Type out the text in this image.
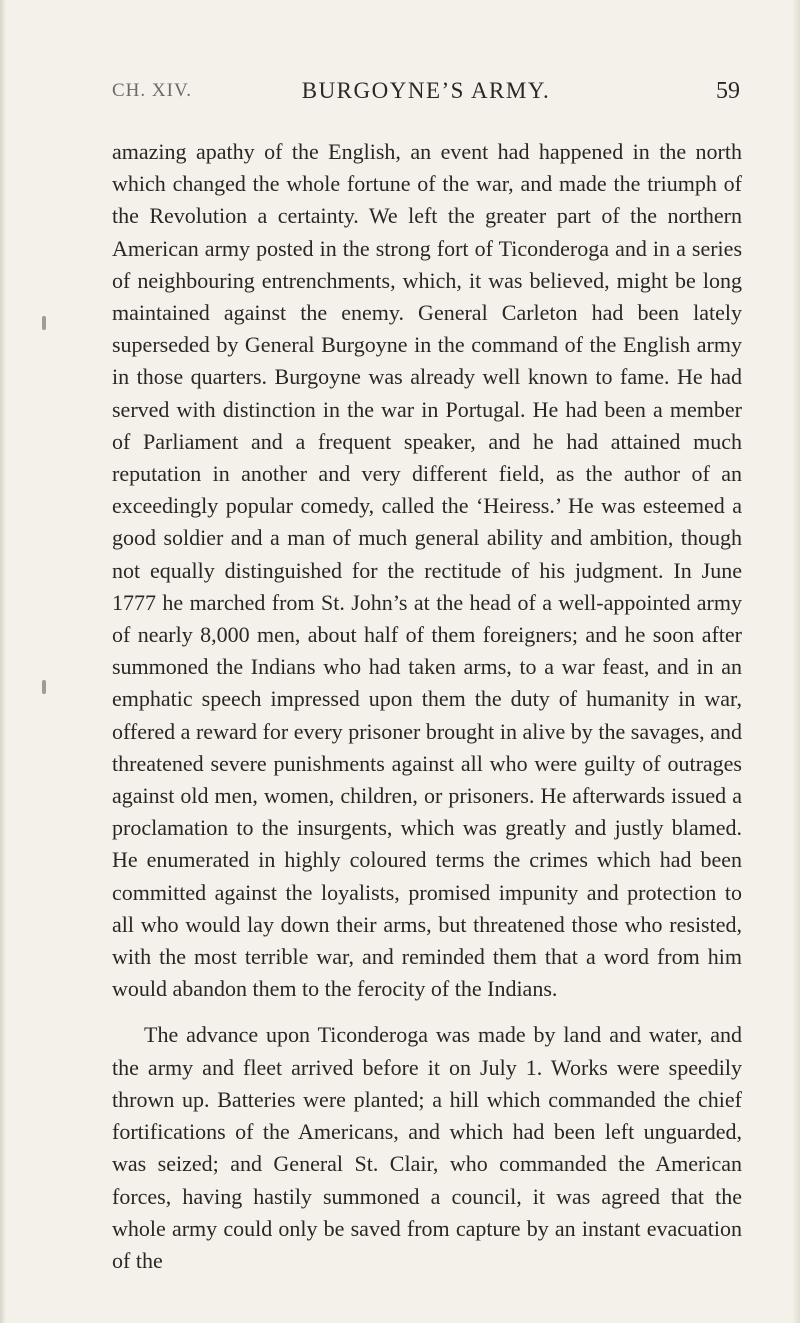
CH. XIV.	BURGOYNE’S ARMY.	59

amazing apathy of the English, an event had happened in the north which changed the whole fortune of the war, and made the triumph of the Revolution a certainty. We left the greater part of the northern American army posted in the strong fort of Ticonderoga and in a series of neighbouring entrenchments, which, it was believed, might be long maintained against the enemy. General Carleton had been lately superseded by General Burgoyne in the command of the English army in those quarters. Burgoyne was already well known to fame. He had served with distinction in the war in Portugal. He had been a member of Parliament and a frequent speaker, and he had attained much reputation in another and very different field, as the author of an exceedingly popular comedy, called the ‘Heiress.’ He was esteemed a good soldier and a man of much general ability and ambition, though not equally distinguished for the rectitude of his judgment. In June 1777 he marched from St. John’s at the head of a well-appointed army of nearly 8,000 men, about half of them foreigners; and he soon after summoned the Indians who had taken arms, to a war feast, and in an emphatic speech impressed upon them the duty of humanity in war, offered a reward for every prisoner brought in alive by the savages, and threatened severe punishments against all who were guilty of outrages against old men, women, children, or prisoners. He afterwards issued a proclamation to the insurgents, which was greatly and justly blamed. He enumerated in highly coloured terms the crimes which had been committed against the loyalists, promised impunity and protection to all who would lay down their arms, but threatened those who resisted, with the most terrible war, and reminded them that a word from him would abandon them to the ferocity of the Indians.

The advance upon Ticonderoga was made by land and water, and the army and fleet arrived before it on July 1. Works were speedily thrown up. Batteries were planted; a hill which commanded the chief fortifications of the Americans, and which had been left unguarded, was seized; and General St. Clair, who commanded the American forces, having hastily summoned a council, it was agreed that the whole army could only be saved from capture by an instant evacuation of the
